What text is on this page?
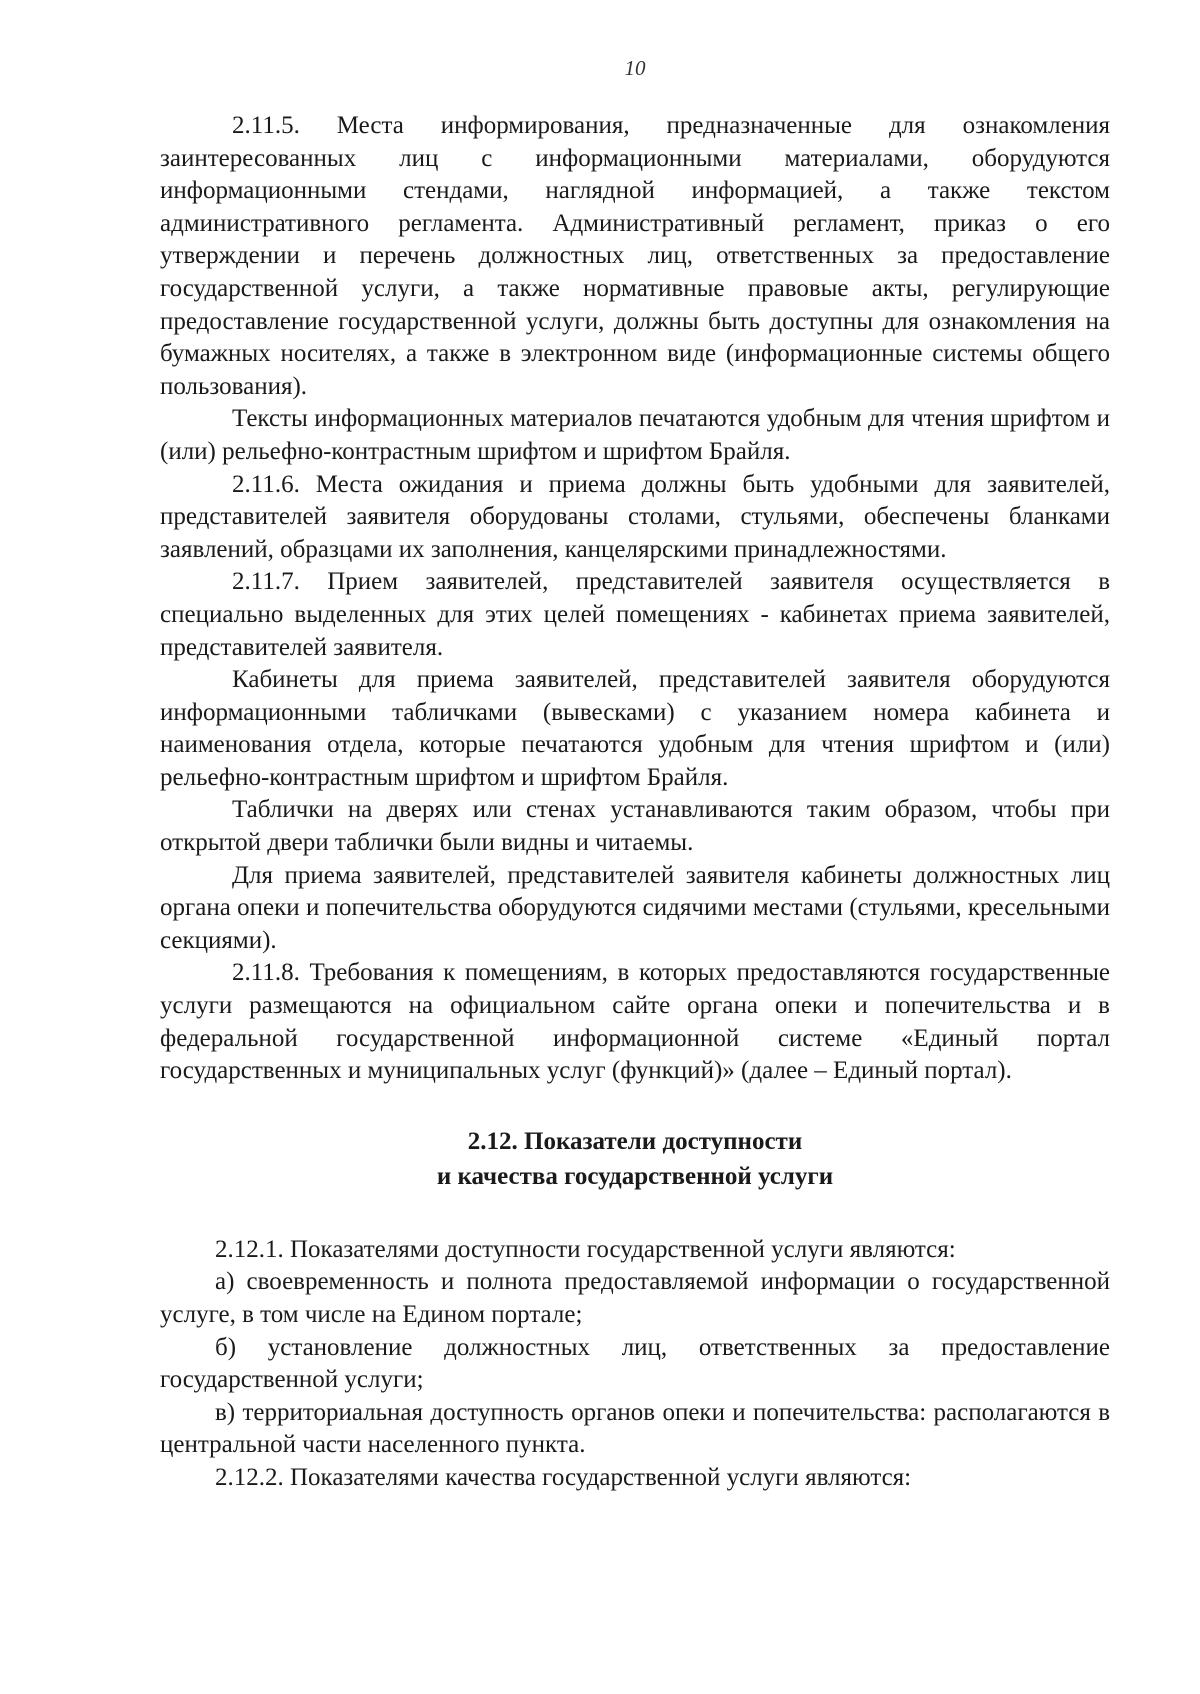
10

2.11.5. Места информирования, предназначенные для ознакомления заинтересованных лиц с информационными материалами, оборудуются информационными стендами, наглядной информацией, а также текстом административного регламента. Административный регламент, приказ о его утверждении и перечень должностных лиц, ответственных за предоставление государственной услуги, а также нормативные правовые акты, регулирующие предоставление государственной услуги, должны быть доступны для ознакомления на бумажных носителях, а также в электронном виде (информационные системы общего пользования).

Тексты информационных материалов печатаются удобным для чтения шрифтом и (или) рельефно-контрастным шрифтом и шрифтом Брайля.

2.11.6. Места ожидания и приема должны быть удобными для заявителей, представителей заявителя оборудованы столами, стульями, обеспечены бланками заявлений, образцами их заполнения, канцелярскими принадлежностями.

2.11.7. Прием заявителей, представителей заявителя осуществляется в специально выделенных для этих целей помещениях - кабинетах приема заявителей, представителей заявителя.

Кабинеты для приема заявителей, представителей заявителя оборудуются информационными табличками (вывесками) с указанием номера кабинета и наименования отдела, которые печатаются удобным для чтения шрифтом и (или) рельефно-контрастным шрифтом и шрифтом Брайля.

Таблички на дверях или стенах устанавливаются таким образом, чтобы при открытой двери таблички были видны и читаемы.

Для приема заявителей, представителей заявителя кабинеты должностных лиц органа опеки и попечительства оборудуются сидячими местами (стульями, кресельными секциями).

2.11.8. Требования к помещениям, в которых предоставляются государственные услуги размещаются на официальном сайте органа опеки и попечительства и в федеральной государственной информационной системе «Единый портал государственных и муниципальных услуг (функций)» (далее – Единый портал).

2.12. Показатели доступности
и качества государственной услуги

2.12.1. Показателями доступности государственной услуги являются:

а) своевременность и полнота предоставляемой информации о государственной услуге, в том числе на Едином портале;

б) установление должностных лиц, ответственных за предоставление государственной услуги;

в) территориальная доступность органов опеки и попечительства: располагаются в центральной части населенного пункта.

2.12.2. Показателями качества государственной услуги являются:
